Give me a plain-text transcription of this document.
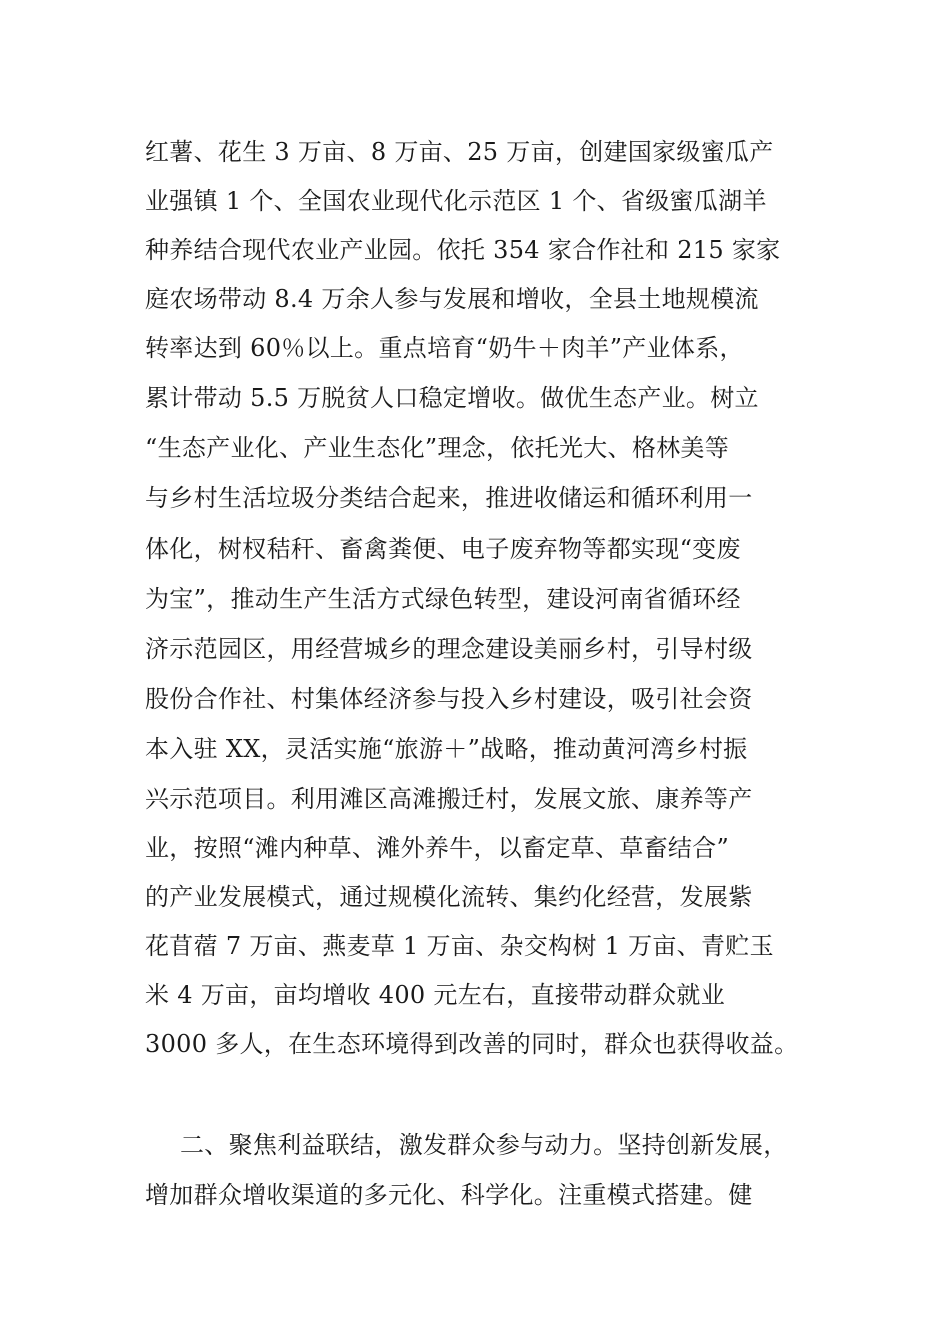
红薯、花生 3 万亩、8 万亩、25 万亩，创建国家级蜜瓜产
业强镇 1 个、全国农业现代化示范区 1 个、省级蜜瓜湖羊
种养结合现代农业产业园。依托 354 家合作社和 215 家家
庭农场带动 8.4 万余人参与发展和增收，全县土地规模流
转率达到 60％以上。重点培育“奶牛＋肉羊”产业体系，
累计带动 5.5 万脱贫人口稳定增收。做优生态产业。树立
“生态产业化、产业生态化”理念，依托光大、格林美等
与乡村生活垃圾分类结合起来，推进收储运和循环利用一
体化，树杈秸秆、畜禽粪便、电子废弃物等都实现“变废
为宝”，推动生产生活方式绿色转型，建设河南省循环经
济示范园区，用经营城乡的理念建设美丽乡村，引导村级
股份合作社、村集体经济参与投入乡村建设，吸引社会资
本入驻 XX，灵活实施“旅游＋”战略，推动黄河湾乡村振
兴示范项目。利用滩区高滩搬迁村，发展文旅、康养等产
业，按照“滩内种草、滩外养牛，以畜定草、草畜结合”
的产业发展模式，通过规模化流转、集约化经营，发展紫
花苜蓿 7 万亩、燕麦草 1 万亩、杂交构树 1 万亩、青贮玉
米 4 万亩，亩均增收 400 元左右，直接带动群众就业
3000 多人，在生态环境得到改善的同时，群众也获得收益。
二、聚焦利益联结，激发群众参与动力。坚持创新发展，
增加群众增收渠道的多元化、科学化。注重模式搭建。健
